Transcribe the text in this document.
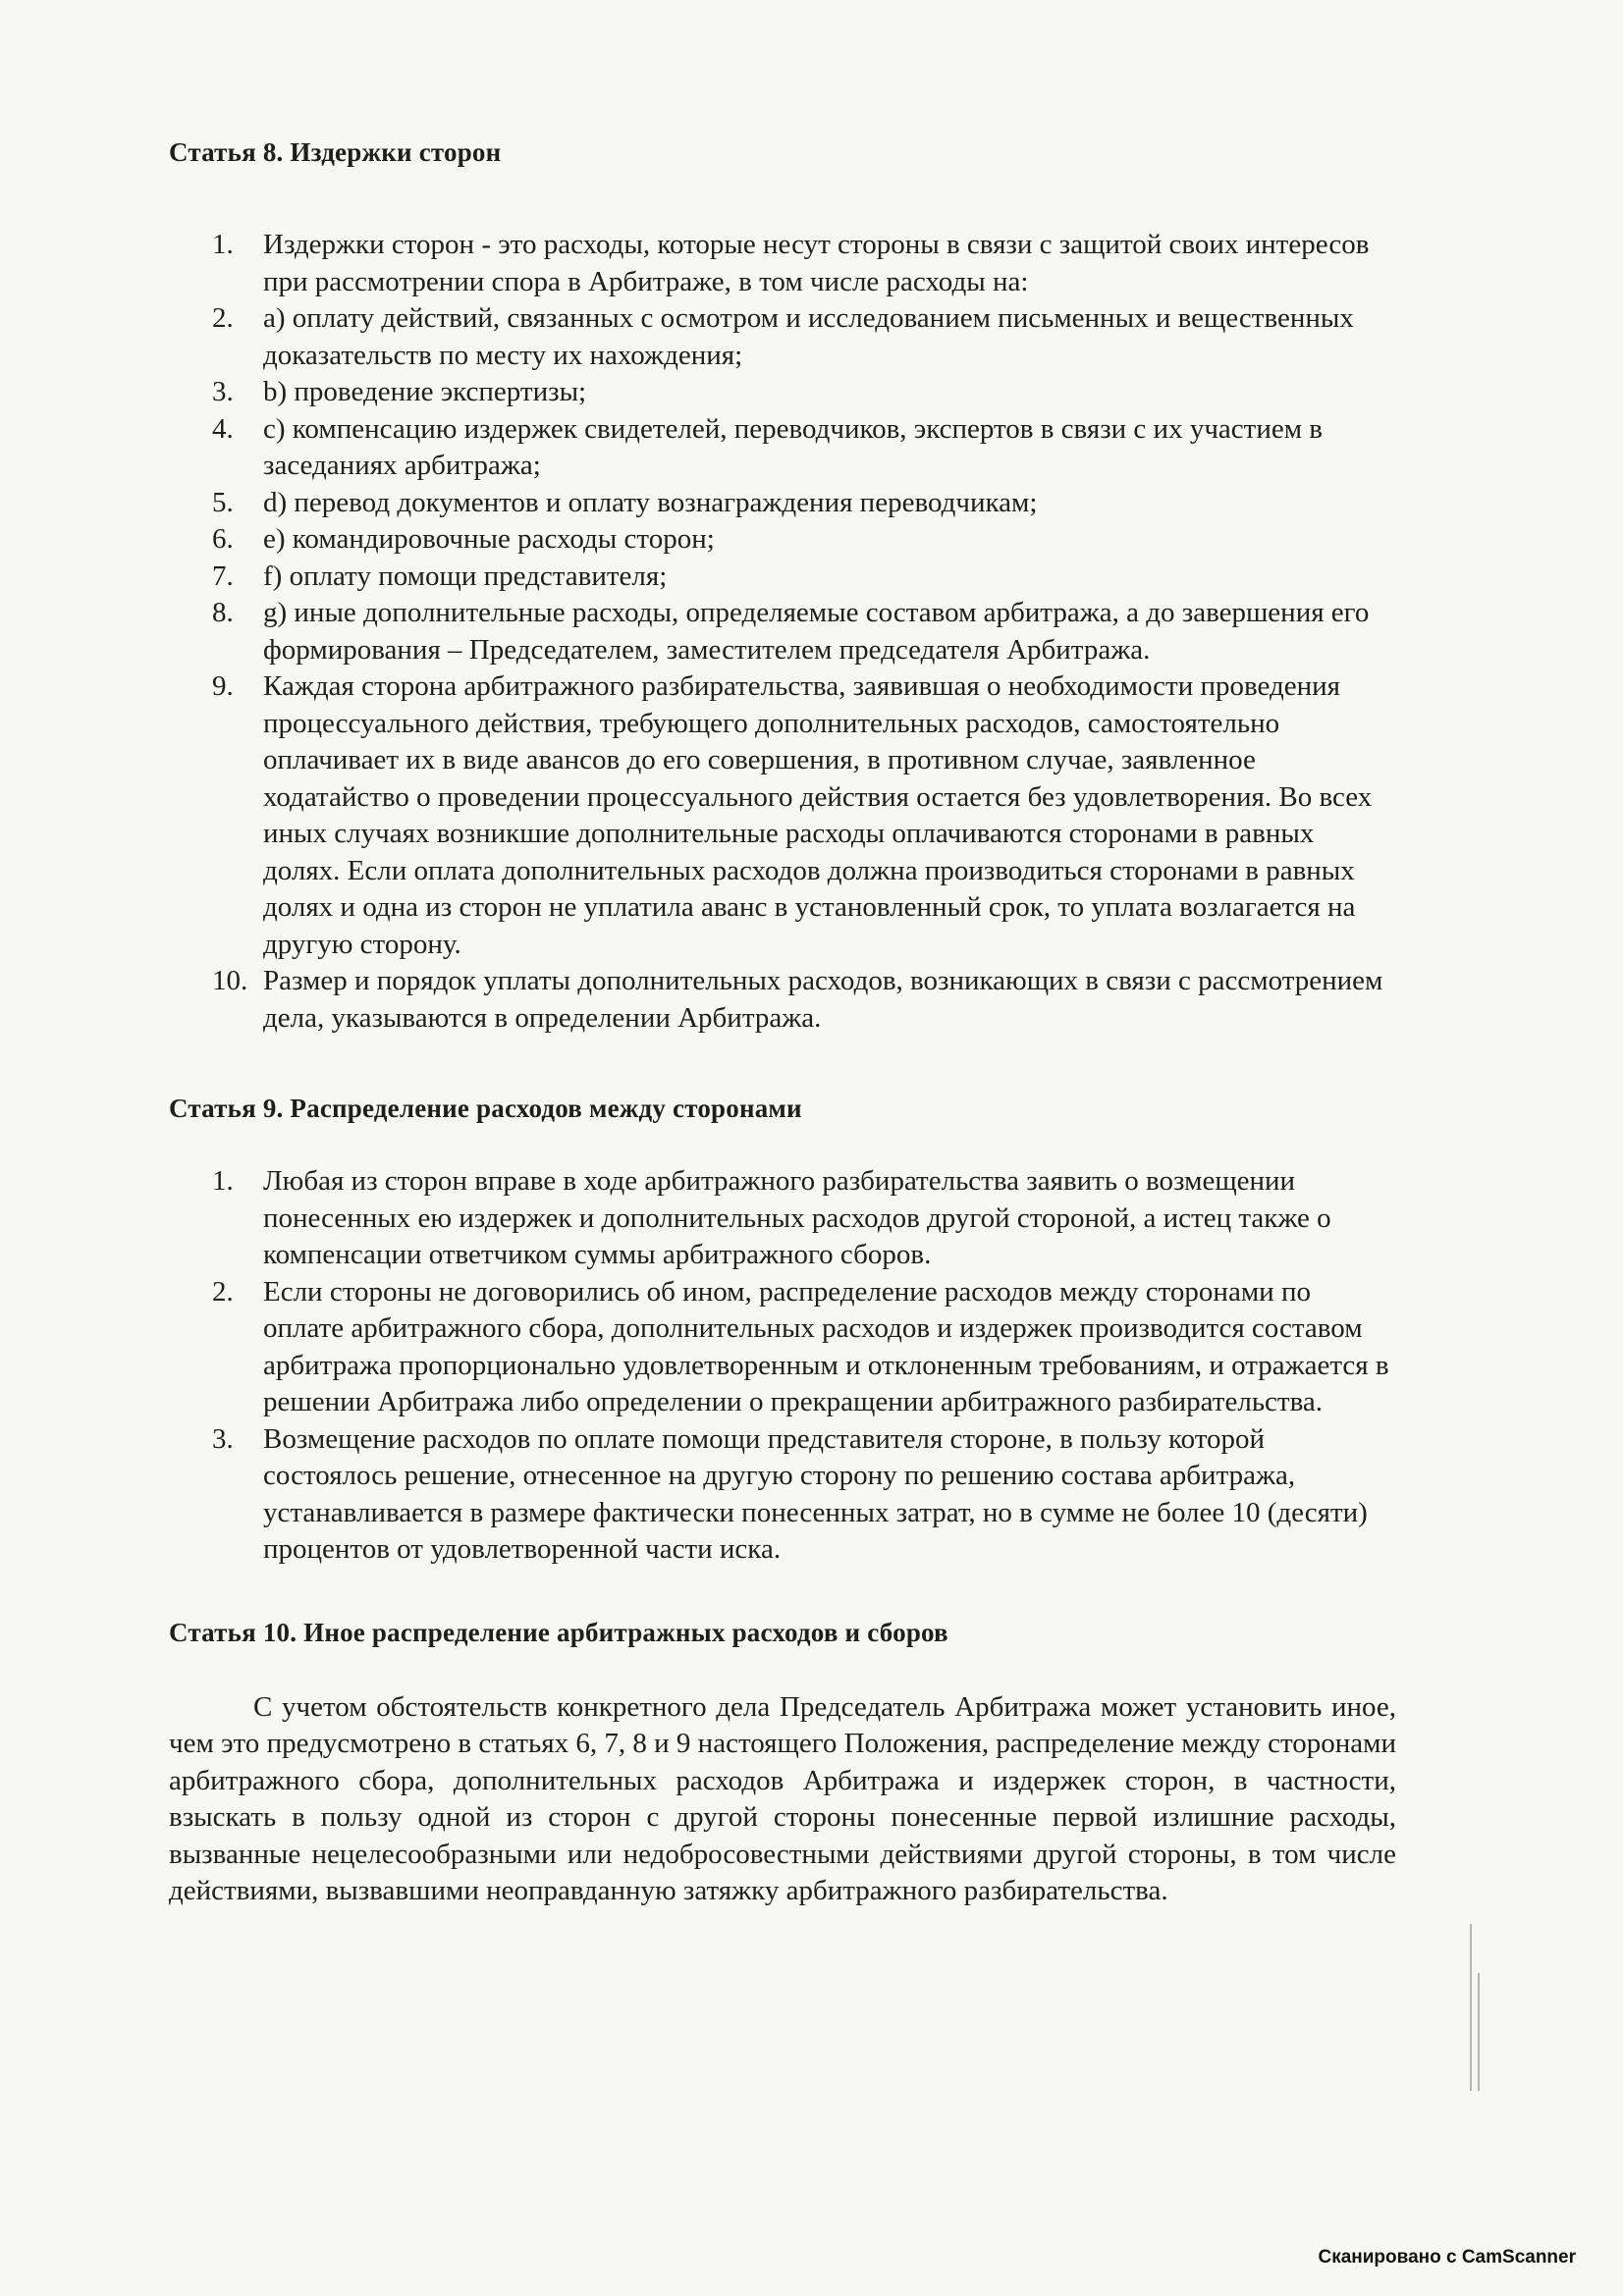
Статья 8. Издержки сторон
1.	Издержки сторон - это расходы, которые несут стороны в связи с защитой своих интересов при рассмотрении спора в Арбитраже, в том числе расходы на:
2.	a) оплату действий, связанных с осмотром и исследованием письменных и вещественных доказательств по месту их нахождения;
3.	b) проведение экспертизы;
4.	c) компенсацию издержек свидетелей, переводчиков, экспертов в связи с их участием в заседаниях арбитража;
5.	d) перевод документов и оплату вознаграждения переводчикам;
6.	e) командировочные расходы сторон;
7.	f) оплату помощи представителя;
8.	g) иные дополнительные расходы, определяемые составом арбитража, а до завершения его формирования – Председателем, заместителем председателя Арбитража.
9.	Каждая сторона арбитражного разбирательства, заявившая о необходимости проведения процессуального действия, требующего дополнительных расходов, самостоятельно оплачивает их в виде авансов до его совершения, в противном случае, заявленное ходатайство о проведении процессуального действия остается без удовлетворения. Во всех иных случаях возникшие дополнительные расходы оплачиваются сторонами в равных долях. Если оплата дополнительных расходов должна производиться сторонами в равных долях и одна из сторон не уплатила аванс в установленный срок, то уплата возлагается на другую сторону.
10. Размер и порядок уплаты дополнительных расходов, возникающих в связи с рассмотрением дела, указываются в определении Арбитража.
Статья 9. Распределение расходов между сторонами
1.	Любая из сторон вправе в ходе арбитражного разбирательства заявить о возмещении понесенных ею издержек и дополнительных расходов другой стороной, а истец также о компенсации ответчиком суммы арбитражного сборов.
2.	Если стороны не договорились об ином, распределение расходов между сторонами по оплате арбитражного сбора, дополнительных расходов и издержек производится составом арбитража пропорционально удовлетворенным и отклоненным требованиям, и отражается в решении Арбитража либо определении о прекращении арбитражного разбирательства.
3.	Возмещение расходов по оплате помощи представителя стороне, в пользу которой состоялось решение, отнесенное на другую сторону по решению состава арбитража, устанавливается в размере фактически понесенных затрат, но в сумме не более 10 (десяти) процентов от удовлетворенной части иска.
Статья 10. Иное распределение арбитражных расходов и сборов

С учетом обстоятельств конкретного дела Председатель Арбитража может установить иное, чем это предусмотрено в статьях 6, 7, 8 и 9 настоящего Положения, распределение между сторонами арбитражного сбора, дополнительных расходов Арбитража и издержек сторон, в частности, взыскать в пользу одной из сторон с другой стороны понесенные первой излишние расходы, вызванные нецелесообразными или недобросовестными действиями другой стороны, в том числе действиями, вызвавшими неоправданную затяжку арбитражного разбирательства.

Сканировано с CamScanner
